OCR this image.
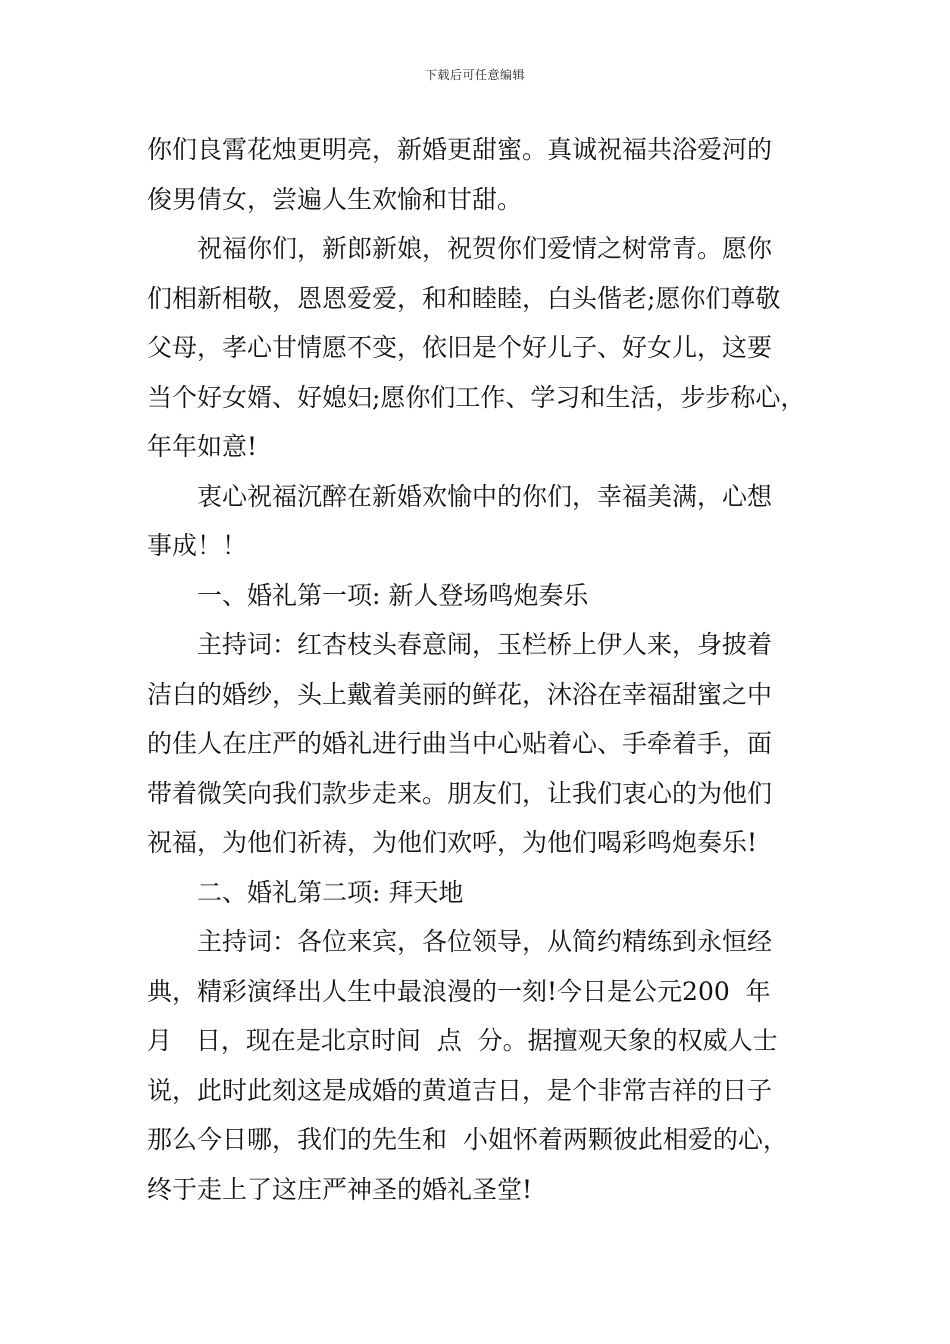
下载后可任意编辑
你们良霄花烛更明亮，新婚更甜蜜。真诚祝福共浴爱河的
俊男倩女，尝遍人生欢愉和甘甜。
祝福你们，新郎新娘，祝贺你们爱情之树常青。愿你
们相新相敬，恩恩爱爱，和和睦睦，白头偕老;愿你们尊敬
父母，孝心甘情愿不变，依旧是个好儿子、好女儿，这要
当个好女婿、好媳妇;愿你们工作、学习和生活，步步称心，
年年如意!
衷心祝福沉醉在新婚欢愉中的你们，幸福美满，心想
事成！！
一、婚礼第一项: 新人登场鸣炮奏乐
主持词：红杏枝头春意闹，玉栏桥上伊人来，身披着
洁白的婚纱，头上戴着美丽的鲜花，沐浴在幸福甜蜜之中
的佳人在庄严的婚礼进行曲当中心贴着心、手牵着手，面
带着微笑向我们款步走来。朋友们，让我们衷心的为他们
祝福，为他们祈祷，为他们欢呼，为他们喝彩鸣炮奏乐!
二、婚礼第二项: 拜天地
主持词：各位来宾，各位领导，从简约精练到永恒经
典，精彩演绎出人生中最浪漫的一刻!今日是公元200  年
月   日，现在是北京时间  点  分。据擅观天象的权威人士
说，此时此刻这是成婚的黄道吉日，是个非常吉祥的日子
那么今日哪，我们的先生和  小姐怀着两颗彼此相爱的心，
终于走上了这庄严神圣的婚礼圣堂!
